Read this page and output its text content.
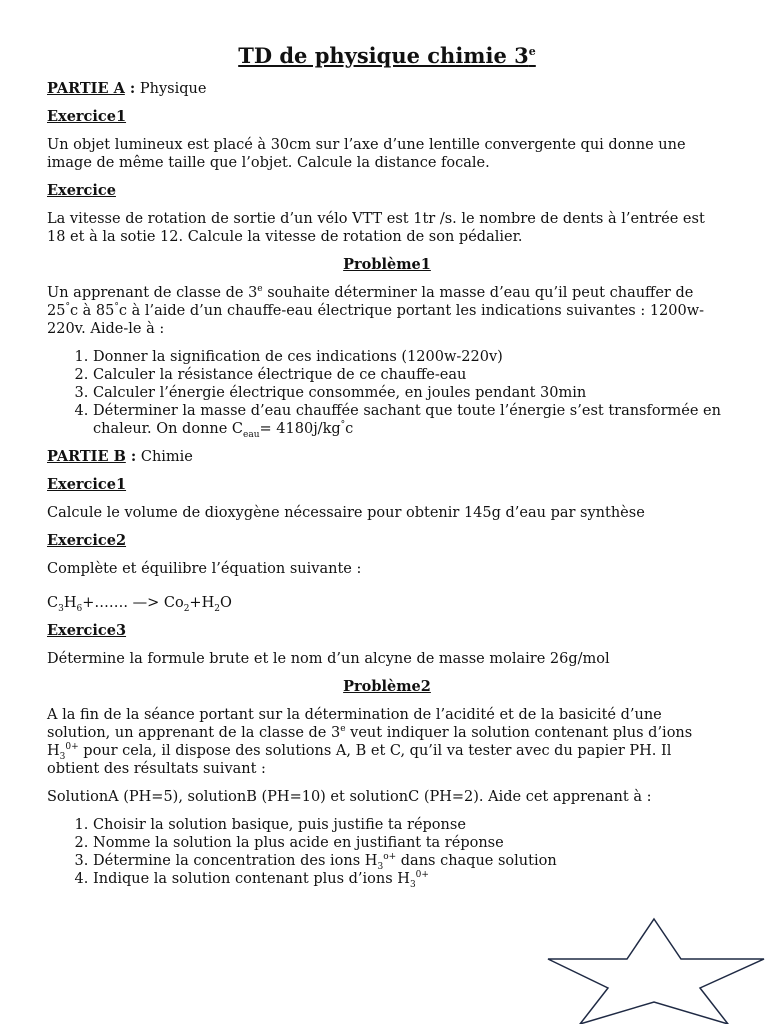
TD de physique chimie 3e
PARTIE A : Physique
Exercice1

Un objet lumineux est placé à 30cm sur l’axe d’une lentille convergente qui donne une image de même taille que l’objet. Calcule la distance focale.

Exercice

La vitesse de rotation de sortie d’un vélo VTT est 1tr /s. le nombre de dents à l’entrée est 18 et à la sotie 12. Calcule la vitesse de rotation de son pédalier.

Problème1

Un apprenant de classe de 3e souhaite déterminer la masse d’eau qu’il peut chauffer de 25°c à 85°c à l’aide d’un chauffe-eau électrique portant les indications suivantes : 1200w-220v. Aide-le à :

1. Donner la signification de ces indications (1200w-220v)
2. Calculer la résistance électrique de ce chauffe-eau
3. Calculer l’énergie électrique consommée, en joules pendant 30min
4. Déterminer la masse d’eau chauffée sachant que toute l’énergie s’est transformée en chaleur. On donne $C_{eau}= 4180j/kg^\circ c$
PARTIE B : Chimie
Exercice1

Calcule le volume de dioxygène nécessaire pour obtenir 145g d’eau par synthèse

Exercice2

Complète et équilibre l’équation suivante :

$C_3H_6+\dots\dots$. —> $Co_2+H_2O$

Exercice3

Détermine la formule brute et le nom d’un alcyne de masse molaire 26g/mol

Problème2

A la fin de la séance portant sur la détermination de l’acidité et de la basicité d’une solution, un apprenant de la classe de 3e veut indiquer la solution contenant plus d’ions $H_3^{0+}$ pour cela, il dispose des solutions A, B et C, qu’il va tester avec du papier PH. Il obtient des résultats suivant :

SolutionA (PH=5), solutionB (PH=10) et solutionC (PH=2). Aide cet apprenant à :

1. Choisir la solution basique, puis justifie ta réponse
2. Nomme la solution la plus acide en justifiant ta réponse
3. Détermine la concentration des ions $H_3^{o+}$ dans chaque solution
4. Indique la solution contenant plus d’ions $H_3^{0+}$
